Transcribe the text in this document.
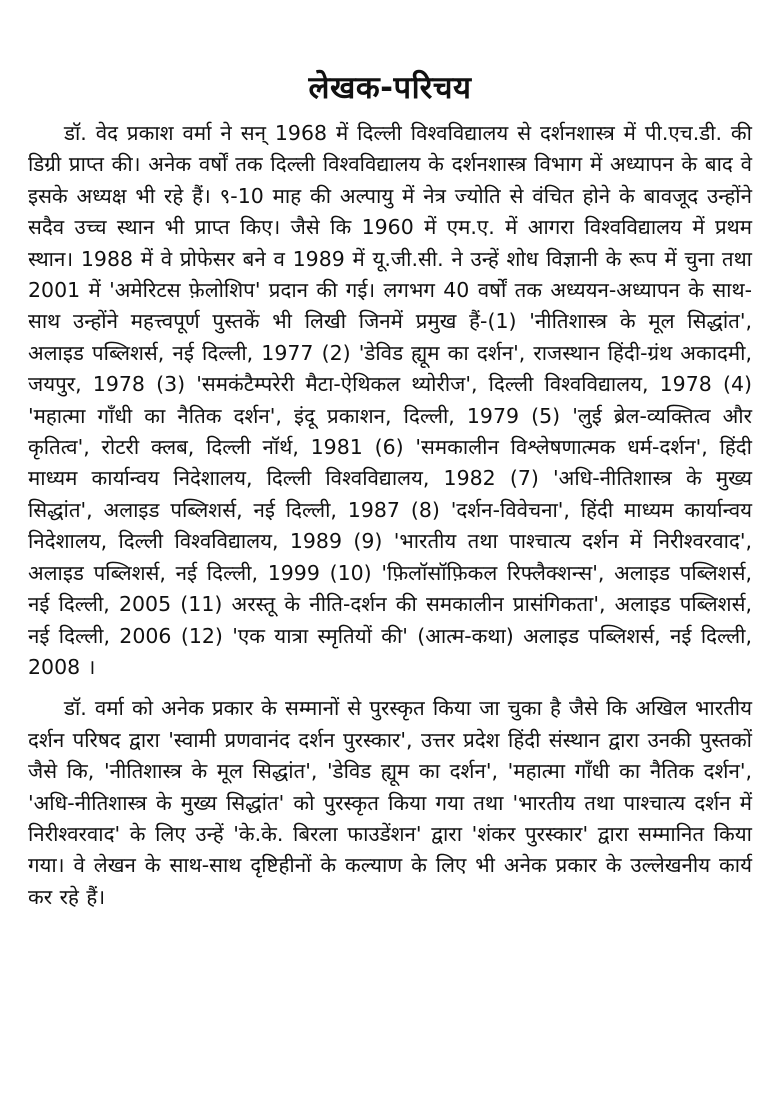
लेखक-परिचय

डॉ. वेद प्रकाश वर्मा ने सन् 1968 में दिल्ली विश्वविद्यालय से दर्शनशास्त्र में पी.एच.डी. की डिग्री प्राप्त की। अनेक वर्षों तक दिल्ली विश्वविद्यालय के दर्शनशास्त्र विभाग में अध्यापन के बाद वे इसके अध्यक्ष भी रहे हैं। ९-10 माह की अल्पायु में नेत्र ज्योति से वंचित होने के बावजूद उन्होंने सदैव उच्च स्थान भी प्राप्त किए। जैसे कि 1960 में एम.ए. में आगरा विश्वविद्यालय में प्रथम स्थान। 1988 में वे प्रोफेसर बने व 1989 में यू.जी.सी. ने उन्हें शोध विज्ञानी के रूप में चुना तथा 2001 में 'अमेरिटस फ़ेलोशिप' प्रदान की गई। लगभग 40 वर्षों तक अध्ययन-अध्यापन के साथ-साथ उन्होंने महत्त्वपूर्ण पुस्तकें भी लिखी जिनमें प्रमुख हैं-(1) 'नीतिशास्त्र के मूल सिद्धांत', अलाइड पब्लिशर्स, नई दिल्ली, 1977 (2) 'डेविड ह्यूम का दर्शन', राजस्थान हिंदी-ग्रंथ अकादमी, जयपुर, 1978 (3) 'समकंटैम्परेरी मैटा-ऐथिकल थ्योरीज', दिल्ली विश्वविद्यालय, 1978 (4) 'महात्मा गाँधी का नैतिक दर्शन', इंदू प्रकाशन, दिल्ली, 1979 (5) 'लुई ब्रेल-व्यक्तित्व और कृतित्व', रोटरी क्लब, दिल्ली नॉर्थ, 1981 (6) 'समकालीन विश्लेषणात्मक धर्म-दर्शन', हिंदी माध्यम कार्यान्वय निदेशालय, दिल्ली विश्वविद्यालय, 1982 (7) 'अधि-नीतिशास्त्र के मुख्य सिद्धांत', अलाइड पब्लिशर्स, नई दिल्ली, 1987 (8) 'दर्शन-विवेचना', हिंदी माध्यम कार्यान्वय निदेशालय, दिल्ली विश्वविद्यालय, 1989 (9) 'भारतीय तथा पाश्चात्य दर्शन में निरीश्वरवाद', अलाइड पब्लिशर्स, नई दिल्ली, 1999 (10) 'फ़िलॉसॉफ़िकल रिफ्लैक्शन्स', अलाइड पब्लिशर्स, नई दिल्ली, 2005 (11) अरस्तू के नीति-दर्शन की समकालीन प्रासंगिकता', अलाइड पब्लिशर्स, नई दिल्ली, 2006 (12) 'एक यात्रा स्मृतियों की' (आत्म-कथा) अलाइड पब्लिशर्स, नई दिल्ली, 2008 ।

डॉ. वर्मा को अनेक प्रकार के सम्मानों से पुरस्कृत किया जा चुका है जैसे कि अखिल भारतीय दर्शन परिषद द्वारा 'स्वामी प्रणवानंद दर्शन पुरस्कार', उत्तर प्रदेश हिंदी संस्थान द्वारा उनकी पुस्तकों जैसे कि, 'नीतिशास्त्र के मूल सिद्धांत', 'डेविड ह्यूम का दर्शन', 'महात्मा गाँधी का नैतिक दर्शन', 'अधि-नीतिशास्त्र के मुख्य सिद्धांत' को पुरस्कृत किया गया तथा 'भारतीय तथा पाश्चात्य दर्शन में निरीश्वरवाद' के लिए उन्हें 'के.के. बिरला फाउडेंशन' द्वारा 'शंकर पुरस्कार' द्वारा सम्मानित किया गया। वे लेखन के साथ-साथ दृष्टिहीनों के कल्याण के लिए भी अनेक प्रकार के उल्लेखनीय कार्य कर रहे हैं।
